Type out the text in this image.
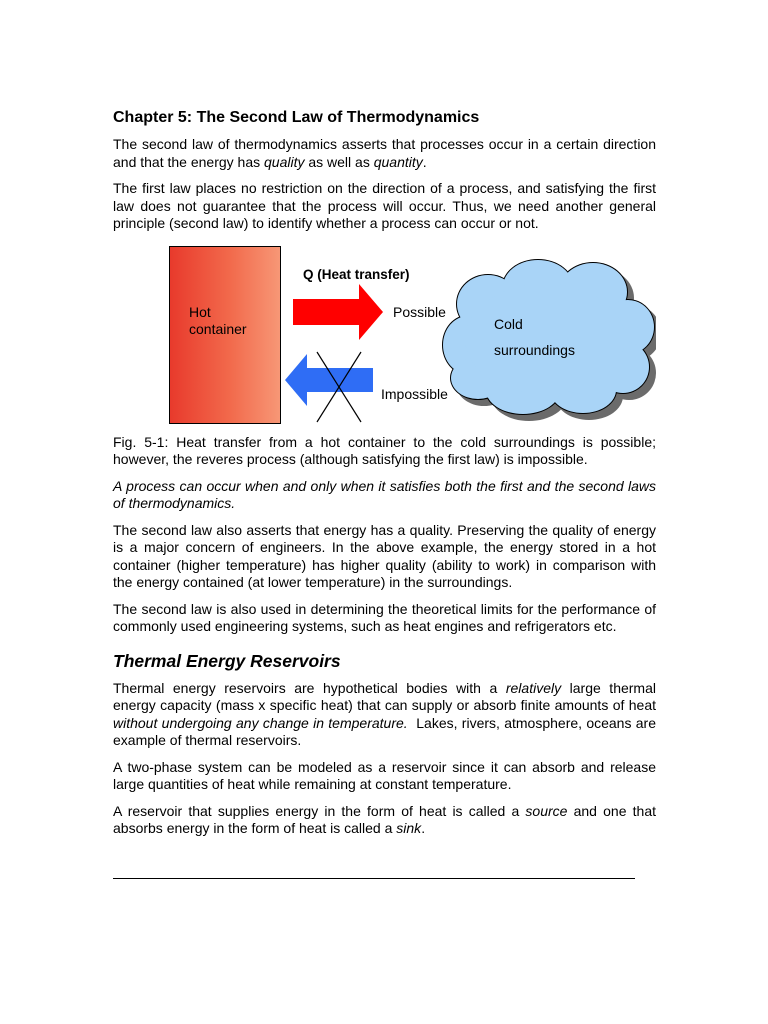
Chapter 5: The Second Law of Thermodynamics

The second law of thermodynamics asserts that processes occur in a certain direction and that the energy has quality as well as quantity.

The first law places no restriction on the direction of a process, and satisfying the first law does not guarantee that the process will occur. Thus, we need another general principle (second law) to identify whether a process can occur or not.

Hot
container
Q (Heat transfer)
Possible
Impossible
Cold
surroundings

Fig. 5-1: Heat transfer from a hot container to the cold surroundings is possible; however, the reveres process (although satisfying the first law) is impossible.

A process can occur when and only when it satisfies both the first and the second laws of thermodynamics.

The second law also asserts that energy has a quality. Preserving the quality of energy is a major concern of engineers. In the above example, the energy stored in a hot container (higher temperature) has higher quality (ability to work) in comparison with the energy contained (at lower temperature) in the surroundings.

The second law is also used in determining the theoretical limits for the performance of commonly used engineering systems, such as heat engines and refrigerators etc.

Thermal Energy Reservoirs

Thermal energy reservoirs are hypothetical bodies with a relatively large thermal energy capacity (mass x specific heat) that can supply or absorb finite amounts of heat without undergoing any change in temperature.  Lakes, rivers, atmosphere, oceans are example of thermal reservoirs.

A two-phase system can be modeled as a reservoir since it can absorb and release large quantities of heat while remaining at constant temperature.

A reservoir that supplies energy in the form of heat is called a source and one that absorbs energy in the form of heat is called a sink.
